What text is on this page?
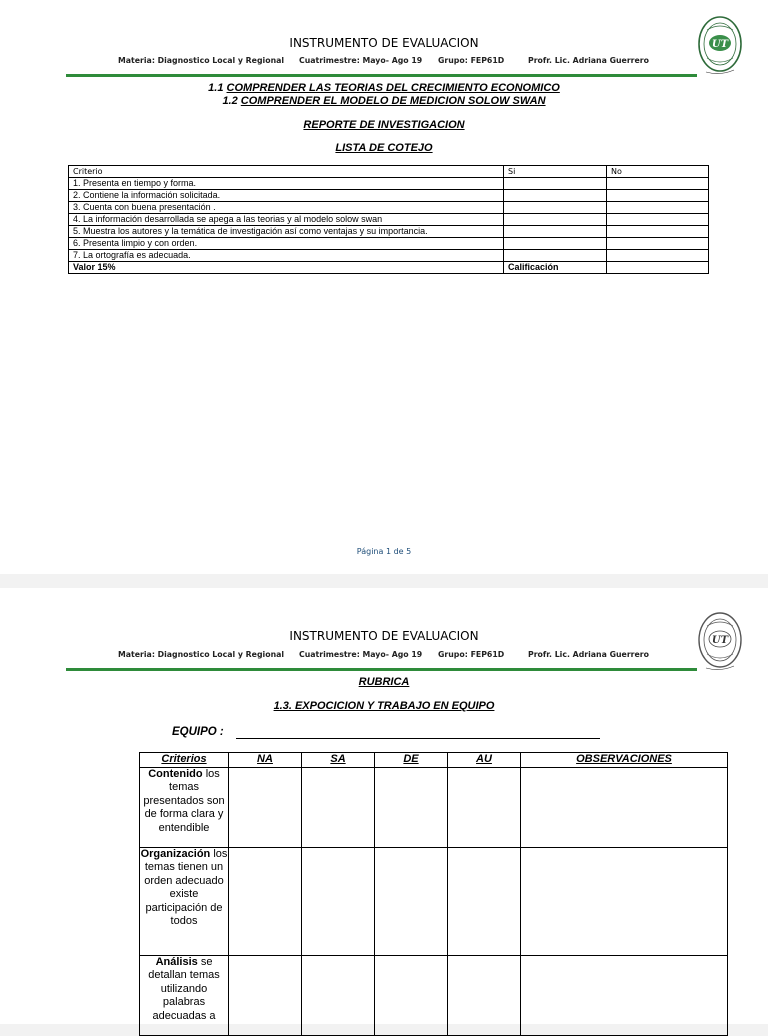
INSTRUMENTO DE EVALUACION
Materia: Diagnostico Local y Regional Cuatrimestre: Mayo- Ago 19 Grupo: FEP61D	Profr. Lic. Adriana Guerrero
UT
1.1 COMPRENDER LAS TEORIAS DEL CRECIMIENTO ECONOMICO
1.2 COMPRENDER EL MODELO DE MEDICION SOLOW SWAN
REPORTE DE INVESTIGACION
LISTA DE COTEJO
Criterio	Si	No
1. Presenta en tiempo y forma.		
2. Contiene la información solicitada.		
3. Cuenta con buena presentación .		
4. La información desarrollada se apega a las teorias y al modelo solow swan		
5. Muestra los autores y la temática de investigación así como ventajas y su importancia.		
6. Presenta limpio y con orden.		
7. La ortografía es adecuada.		
Valor 15%	Calificación	
Página 1 de 5
INSTRUMENTO DE EVALUACION
Materia: Diagnostico Local y Regional Cuatrimestre: Mayo- Ago 19 Grupo: FEP61D	Profr. Lic. Adriana Guerrero
UT
RUBRICA
1.3. EXPOCICION Y TRABAJO EN EQUIPO
EQUIPO :
Criterios	NA	SA	DE	AU	OBSERVACIONES
Contenido los temas presentados son de forma clara y entendible					
Organización los temas tienen un orden adecuado existe participación de todos					
Análisis se detallan temas utilizando palabras adecuadas a					
